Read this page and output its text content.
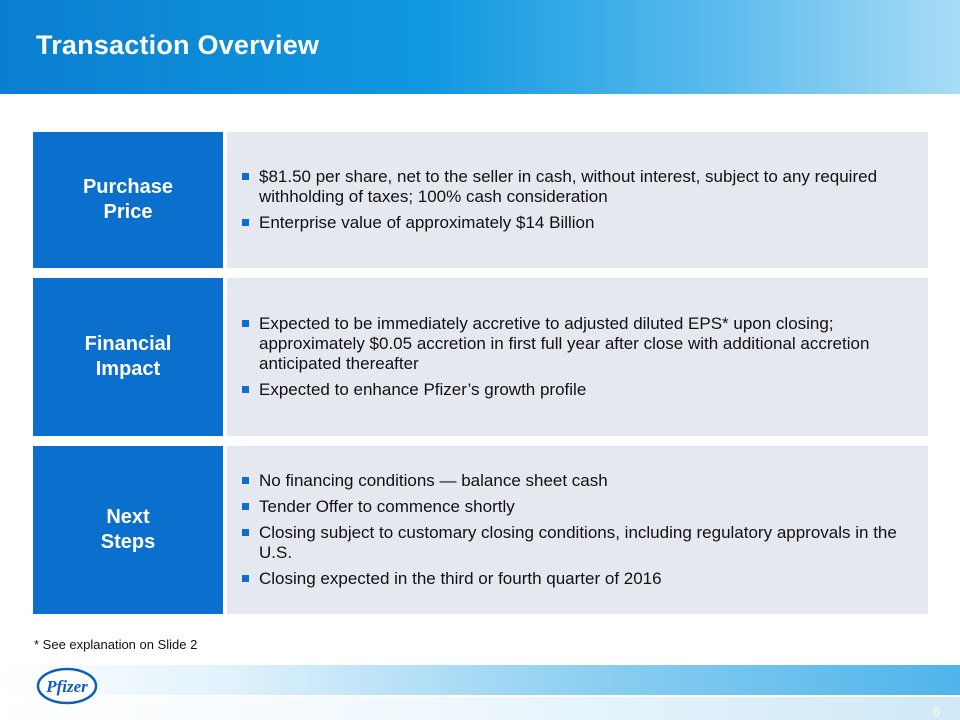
Transaction Overview
Purchase
Price
$81.50 per share, net to the seller in cash, without interest, subject to any required withholding of taxes; 100% cash consideration
Enterprise value of approximately $14 Billion
Financial
Impact
Expected to be immediately accretive to adjusted diluted EPS* upon closing; approximately $0.05 accretion in first full year after close with additional accretion anticipated thereafter
Expected to enhance Pfizer’s growth profile
Next
Steps
No financing conditions — balance sheet cash
Tender Offer to commence shortly
Closing subject to customary closing conditions, including regulatory approvals in the U.S.
Closing expected in the third or fourth quarter of 2016
* See explanation on Slide 2
Pfizer
6
